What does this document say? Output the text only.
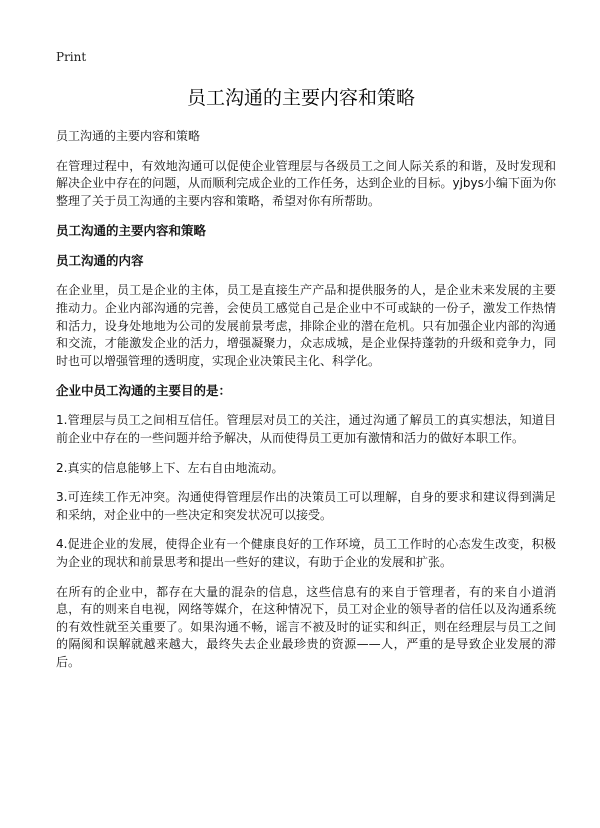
Print
员工沟通的主要内容和策略

员工沟通的主要内容和策略

在管理过程中，有效地沟通可以促使企业管理层与各级员工之间人际关系的和谐，及时发现和解决企业中存在的问题，从而顺利完成企业的工作任务，达到企业的目标。yjbys小编下面为你整理了关于员工沟通的主要内容和策略，希望对你有所帮助。

员工沟通的主要内容和策略
员工沟通的内容

在企业里，员工是企业的主体，员工是直接生产产品和提供服务的人，是企业未来发展的主要推动力。企业内部沟通的完善，会使员工感觉自己是企业中不可或缺的一份子，激发工作热情和活力，设身处地地为公司的发展前景考虑，排除企业的潜在危机。只有加强企业内部的沟通和交流，才能激发企业的活力，增强凝聚力，众志成城，是企业保持蓬勃的升级和竞争力，同时也可以增强管理的透明度，实现企业决策民主化、科学化。

企业中员工沟通的主要目的是：

1.管理层与员工之间相互信任。管理层对员工的关注，通过沟通了解员工的真实想法，知道目前企业中存在的一些问题并给予解决，从而使得员工更加有激情和活力的做好本职工作。

2.真实的信息能够上下、左右自由地流动。

3.可连续工作无冲突。沟通使得管理层作出的决策员工可以理解，自身的要求和建议得到满足和采纳，对企业中的一些决定和突发状况可以接受。

4.促进企业的发展，使得企业有一个健康良好的工作环境，员工工作时的心态发生改变，积极为企业的现状和前景思考和提出一些好的建议，有助于企业的发展和扩张。

在所有的企业中，都存在大量的混杂的信息，这些信息有的来自于管理者，有的来自小道消息，有的则来自电视，网络等媒介，在这种情况下，员工对企业的领导者的信任以及沟通系统的有效性就至关重要了。如果沟通不畅，谣言不被及时的证实和纠正，则在经理层与员工之间的隔阂和误解就越来越大，最终失去企业最珍贵的资源——人，严重的是导致企业发展的滞后。
